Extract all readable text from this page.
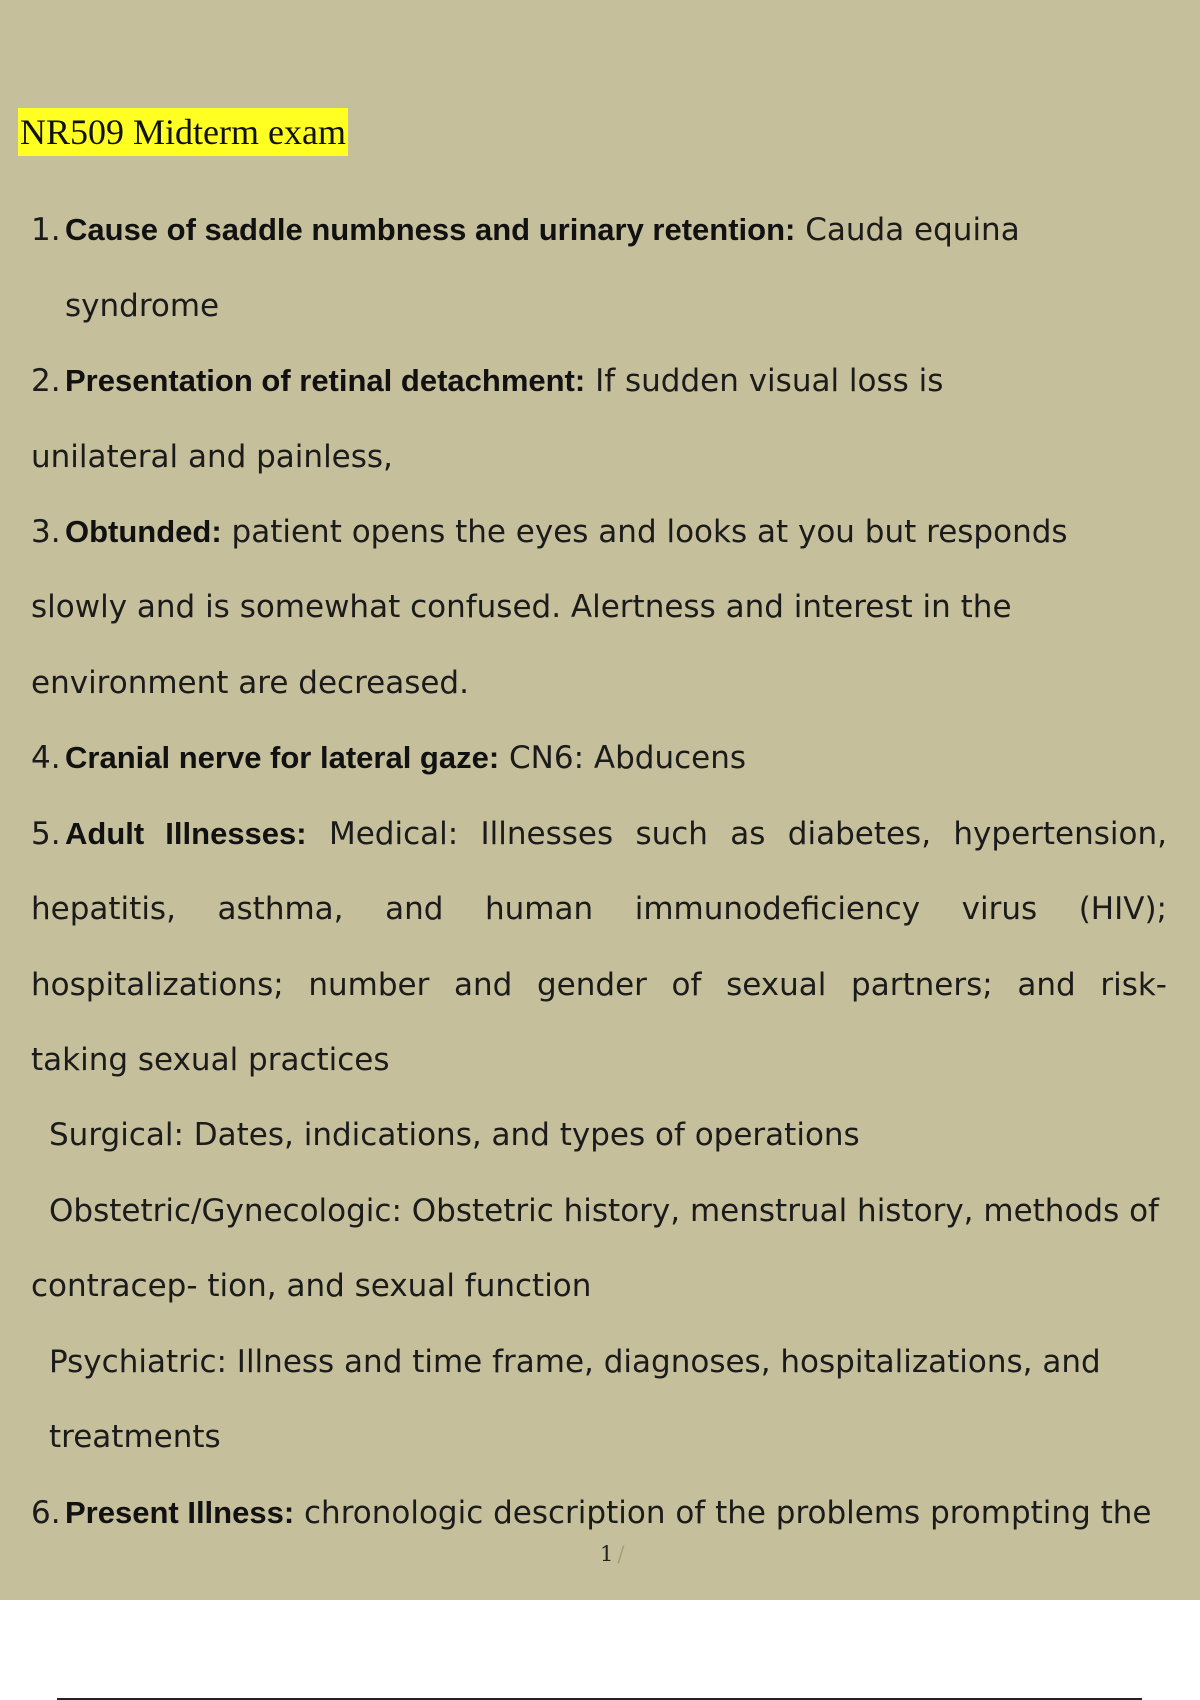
NR509 Midterm exam
1. Cause of saddle numbness and urinary retention: Cauda equina
syndrome
2. Presentation of retinal detachment: If sudden visual loss is
unilateral and painless,
3. Obtunded: patient opens the eyes and looks at you but responds
slowly and is somewhat confused. Alertness and interest in the
environment are decreased.
4. Cranial nerve for lateral gaze: CN6: Abducens
5. Adult Illnesses: Medical: Illnesses such as diabetes, hypertension,
hepatitis, asthma, and human immunodeficiency virus (HIV);
hospitalizations; number and gender of sexual partners; and risk-
taking sexual practices
Surgical: Dates, indications, and types of operations
Obstetric/Gynecologic: Obstetric history, menstrual history, methods of
contracep- tion, and sexual function
Psychiatric: Illness and time frame, diagnoses, hospitalizations, and
treatments
6. Present Illness: chronologic description of the problems prompting the
1 /
